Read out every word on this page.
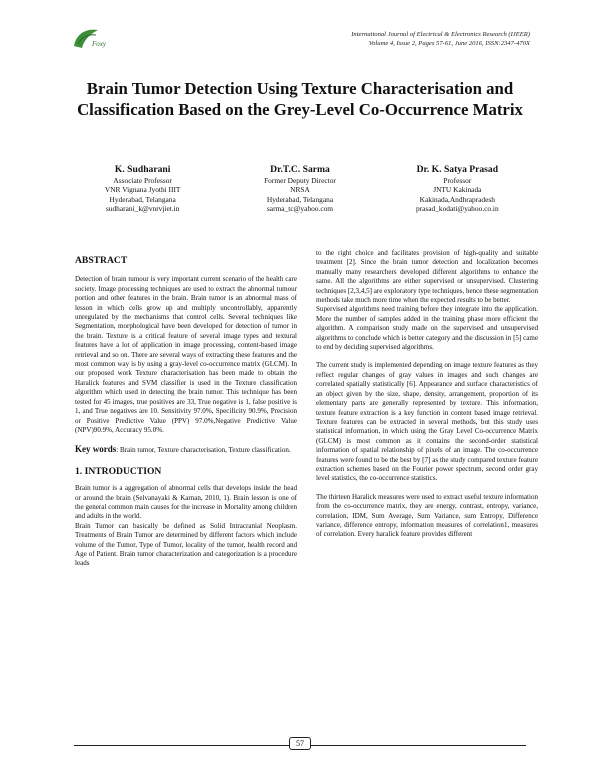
Foxy
International Journal of Electrical & Electronics Research (IJEER)
Volume 4, Issue 2, Pages 57-61, June 2016, ISSN:2347-470X
Brain Tumor Detection Using Texture Characterisation and Classification Based on the Grey-Level Co-Occurrence Matrix
K. Sudharani
Associate Professor
VNR Vignana Jyothi IIIT
Hyderabad, Telangana
sudharani_k@vnrvjiet.in
Dr.T.C. Sarma
Former Deputy Director
NRSA
Hyderabad, Telangana
sarma_tc@yahoo.com
Dr. K. Satya Prasad
Professor
JNTU Kakinada
Kakinada,Andhrapradesh
prasad_kodati@yahoo.co.in
ABSTRACT

Detection of brain tumour is very important current scenario of the health care society. Image processing techniques are used to extract the abnormal tumour portion and other features in the brain. Brain tumor is an abnormal mass of lesson in which cells grow up and multiply uncontrollably, apparently unregulated by the mechanisms that control cells. Several techniques like Segmentation, morphological have been developed for detection of tumor in the brain. Texture is a critical feature of several image types and textural features have a lot of application in image processing, content-based image retrieval and so on. There are several ways of extracting these features and the most common way is by using a gray-level co-occurrence matrix (GLCM). In our proposed work Texture characterisation has been made to obtain the Haralick features and SVM classifier is used in the Texture classification algorithm which used in detecting the brain tumor. This technique has been tested for 45 images, true positives are 33, True negative is 1, false positive is 1, and True negatives are 10. Sensitivity 97.0%, Specificity 90.9%, Precision or Positive Predictive Value (PPV) 97.0%,Negative Predictive Value (NPV)90.9%, Accuracy 95.0%.

Key words: Brain tumor, Texture characterisation, Texture classification.

1. INTRODUCTION

Brain tumor is a aggregation of abnormal cells that develops inside the head or around the brain (Selvanayaki & Karnan, 2010, 1). Brain lesson is one of the general common main causes for the increase in Mortality among children and adults in the world.

Brain Tumor can basically be defined as Solid Intracranial Neoplasm. Treatments of Brain Tumor are determined by different factors which include volume of the Tumor, Type of Tumor, locality of the tumor, health record and Age of Patient. Brain tumor characterization and categorization is a procedure leads

to the right choice and facilitates provision of high-quality and suitable treatment [2]. Since the brain tumor detection and localization becomes manually many researchers developed different algorithms to enhance the same. All the algorithms are either supervised or unsupervised. Clustering techniques [2,3,4,5] are exploratory type techniques, hence these segmentation methods take much more time when the expected results to be better.

Supervised algorithms need training before they integrate into the application. More the number of samples added in the training phase more efficient the algorithm. A comparison study made on the supervised and unsupervised algorithms to conclude which is better category and the discussion in [5] came to end by deciding supervised algorithms.

The current study is implemented depending on image texture features as they reflect regular changes of gray values in images and such changes are correlated spatially statistically [6]. Appearance and surface characteristics of an object given by the size, shape, density, arrangement, proportion of its elementary parts are generally represented by texture. This information, texture feature extraction is a key function in content based image retrieval. Texture features can be extracted in several methods, but this study uses statistical information, in which using the Gray Level Co-occurrence Matrix (GLCM) is most common as it contains the second-order statistical information of spatial relationship of pixels of an image. The co-occurrence features were found to be the best by [7] as the study compared texture feature extraction schemes based on the Fourier power spectrum, second order gray level statistics, the co-occurrence statistics.

The thirteen Haralick measures were used to extract useful texture information from the co-occurrence matrix, they are energy, contrast, entropy, variance, correlation, IDM, Sum Average, Sum Variance, sum Entropy, Difference variance, difference entropy, information measures of correlation1, measures of correlation. Every haralick feature provides different

57
